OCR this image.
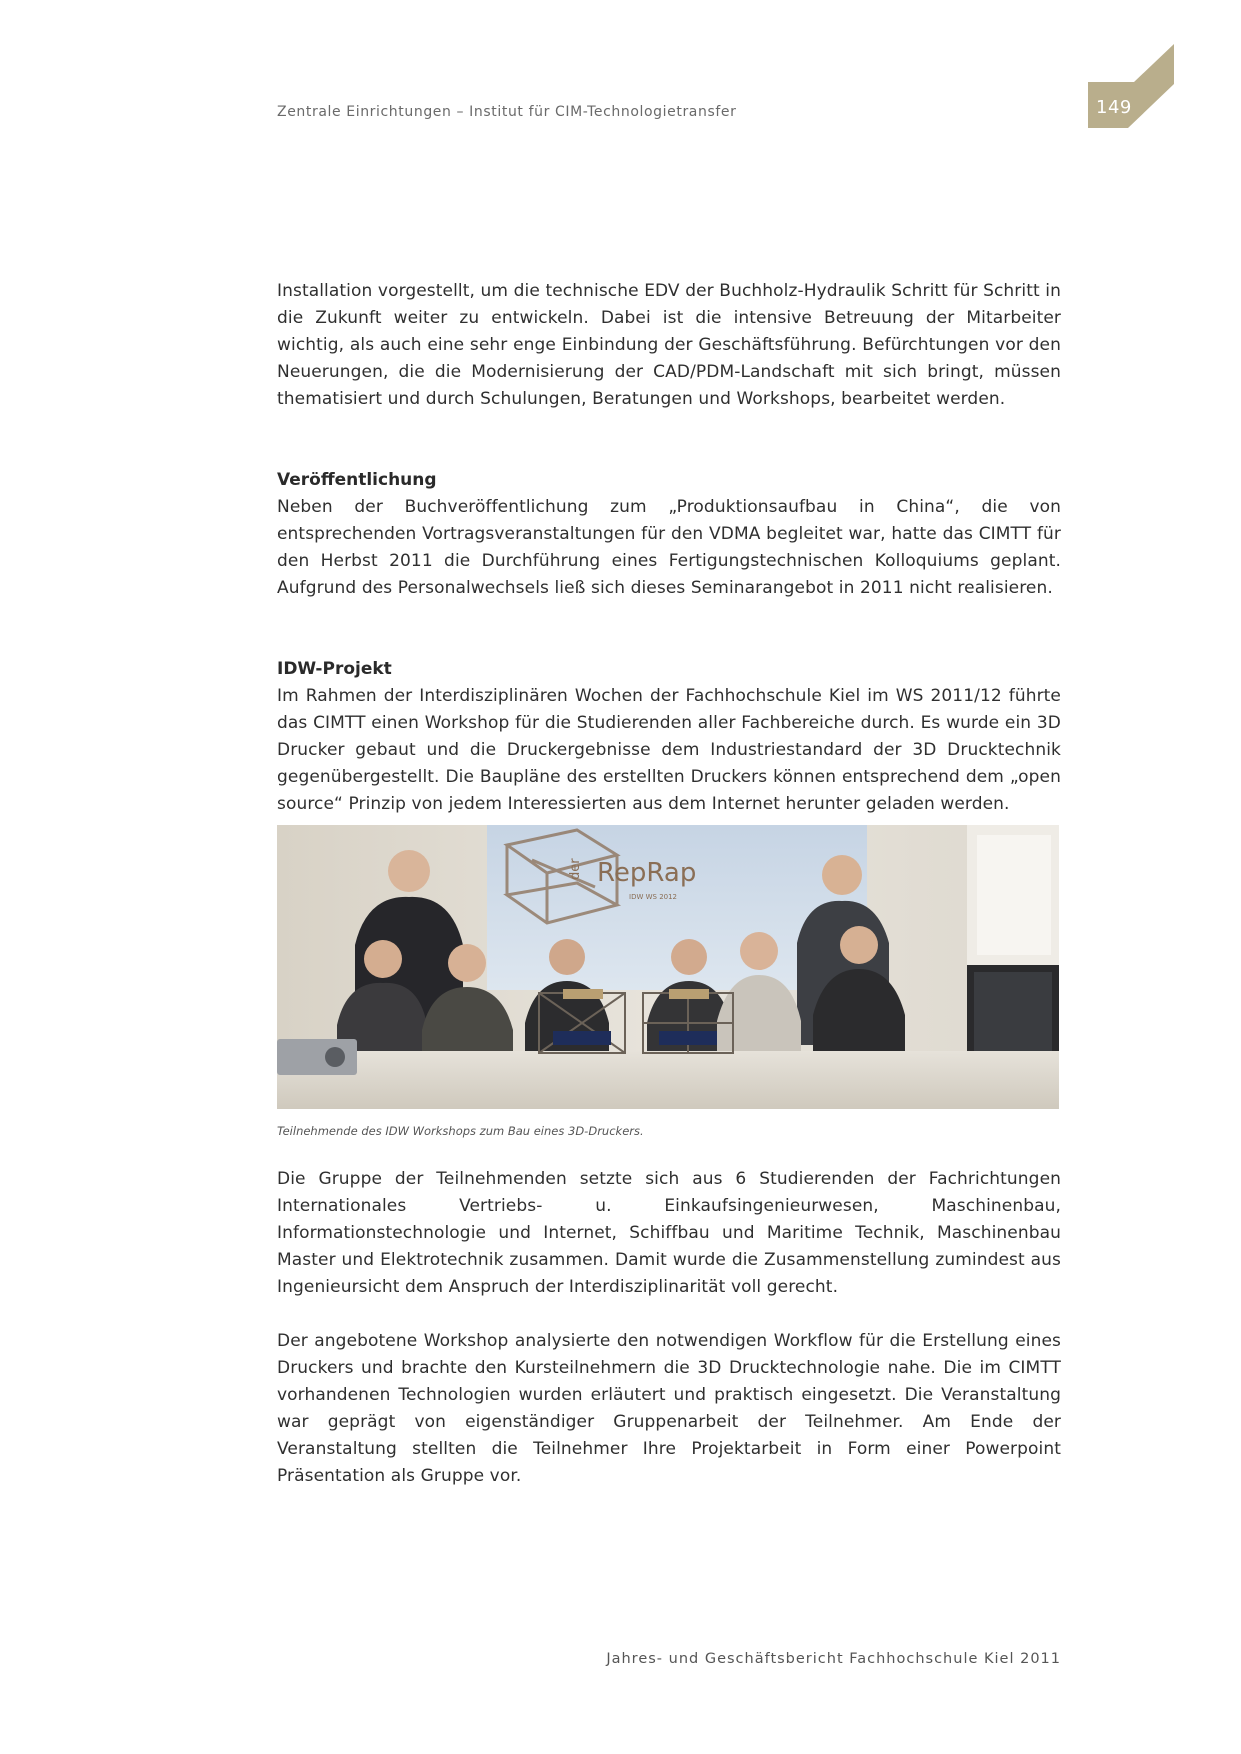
Zentrale Einrichtungen – Institut für CIM-Technologietransfer	149

Installation vorgestellt, um die technische EDV der Buchholz-Hydraulik Schritt für Schritt in die Zukunft weiter zu entwickeln. Dabei ist die intensive Betreuung der Mitarbeiter wichtig, als auch eine sehr enge Einbindung der Geschäftsführung. Befürchtungen vor den Neuerungen, die die Modernisierung der CAD/PDM-Landschaft mit sich bringt, müssen thematisiert und durch Schulungen, Beratungen und Workshops, bearbeitet werden.

Veröffentlichung

Neben der Buchveröffentlichung zum „Produktionsaufbau in China“, die von entsprechenden Vortragsveranstaltungen für den VDMA begleitet war, hatte das CIMTT für den Herbst 2011 die Durchführung eines Fertigungstechnischen Kolloquiums geplant. Aufgrund des Personalwechsels ließ sich dieses Seminarangebot in 2011 nicht realisieren.

IDW-Projekt

Im Rahmen der Interdisziplinären Wochen der Fachhochschule Kiel im WS 2011/12 führte das CIMTT einen Workshop für die Studierenden aller Fachbereiche durch. Es wurde ein 3D Drucker gebaut und die Druckergebnisse dem Industriestandard der 3D Drucktechnik gegenübergestellt. Die Baupläne des erstellten Druckers können entsprechend dem „open source“ Prinzip von jedem Interessierten aus dem Internet herunter geladen werden.

der RepRap
IDW WS 2012

Teilnehmende des IDW Workshops zum Bau eines 3D-Druckers.

Die Gruppe der Teilnehmenden setzte sich aus 6 Studierenden der Fachrichtungen Internationales Vertriebs- u. Einkaufsingenieurwesen, Maschinenbau, Informationstechnologie und Internet, Schiffbau und Maritime Technik, Maschinenbau Master und Elektrotechnik zusammen. Damit wurde die Zusammenstellung zumindest aus Ingenieursicht dem Anspruch der Interdisziplinarität voll gerecht.

Der angebotene Workshop analysierte den notwendigen Workflow für die Erstellung eines Druckers und brachte den Kursteilnehmern die 3D Drucktechnologie nahe. Die im CIMTT vorhandenen Technologien wurden erläutert und praktisch eingesetzt. Die Veranstaltung war geprägt von eigenständiger Gruppenarbeit der Teilnehmer. Am Ende der Veranstaltung stellten die Teilnehmer Ihre Projektarbeit in Form einer Powerpoint Präsentation als Gruppe vor.

Jahres- und Geschäftsbericht Fachhochschule Kiel 2011
